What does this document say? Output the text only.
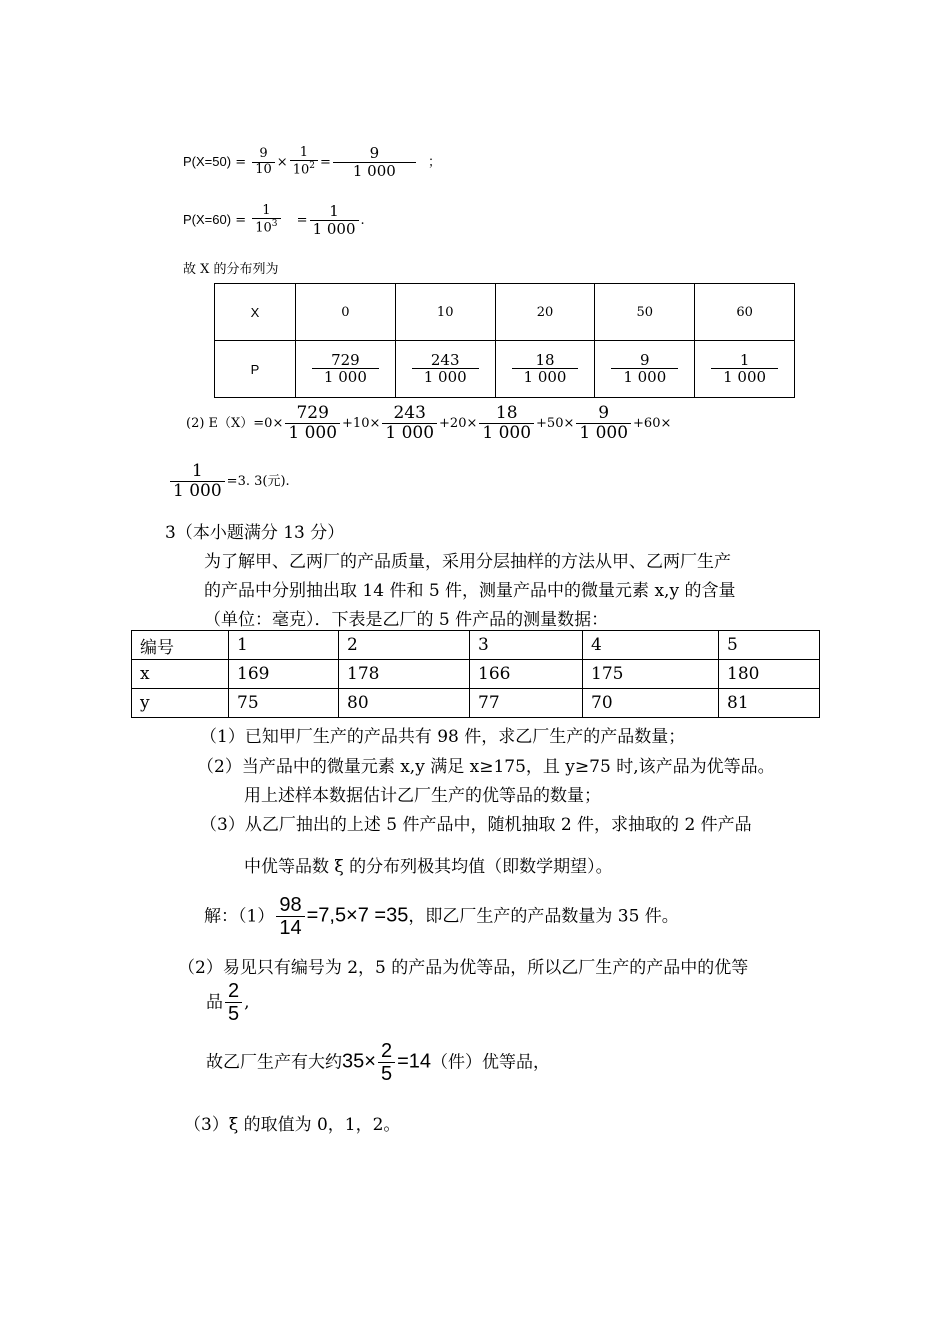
$P(X=50) = \frac{9}{10} \times \frac{1}{10^2} = \frac{9}{1 000}$ ；
$P(X=60) = \frac{1}{10^3} = \frac{1}{1 000}$ .
故 X 的分布列为
X	0	10	20	50	60
P	$\frac{729}{1 000}$	$\frac{243}{1 000}$	$\frac{18}{1 000}$	$\frac{9}{1 000}$	$\frac{1}{1 000}$
(2) $E(X)=0\times \frac{729}{1 000} +10\times \frac{243}{1 000} +20\times \frac{18}{1 000} +50\times \frac{9}{1 000} +60\times$
$\frac{1}{1 000} =3$. 3(元).
3（本小题满分 13 分）
为了解甲、乙两厂的产品质量，采用分层抽样的方法从甲、乙两厂生产
的产品中分别抽出取 14 件和 5 件，测量产品中的微量元素 x,y 的含量
（单位：毫克）．下表是乙厂的 5 件产品的测量数据：
编号	1	2	3	4	5
x	169	178	166	175	180
y	75	80	77	70	81
（1）已知甲厂生产的产品共有 98 件，求乙厂生产的产品数量；
（2）当产品中的微量元素 x,y 满足 x≥175，且 y≥75 时,该产品为优等品。
用上述样本数据估计乙厂生产的优等品的数量；
（3）从乙厂抽出的上述 5 件产品中，随机抽取 2 件，求抽取的 2 件产品
中优等品数 ξ 的分布列极其均值（即数学期望）。
解：$(1) \frac{98}{14} =7,5\times 7 =35$，即乙厂生产的产品数量为 35 件。
（2）易见只有编号为 2，5 的产品为优等品，所以乙厂生产的产品中的优等
品 $\frac{2}{5}$ ,
故乙厂生产有大约$35\times \frac{2}{5} =14$（件）优等品，
（3）ξ 的取值为 0，1，2。
